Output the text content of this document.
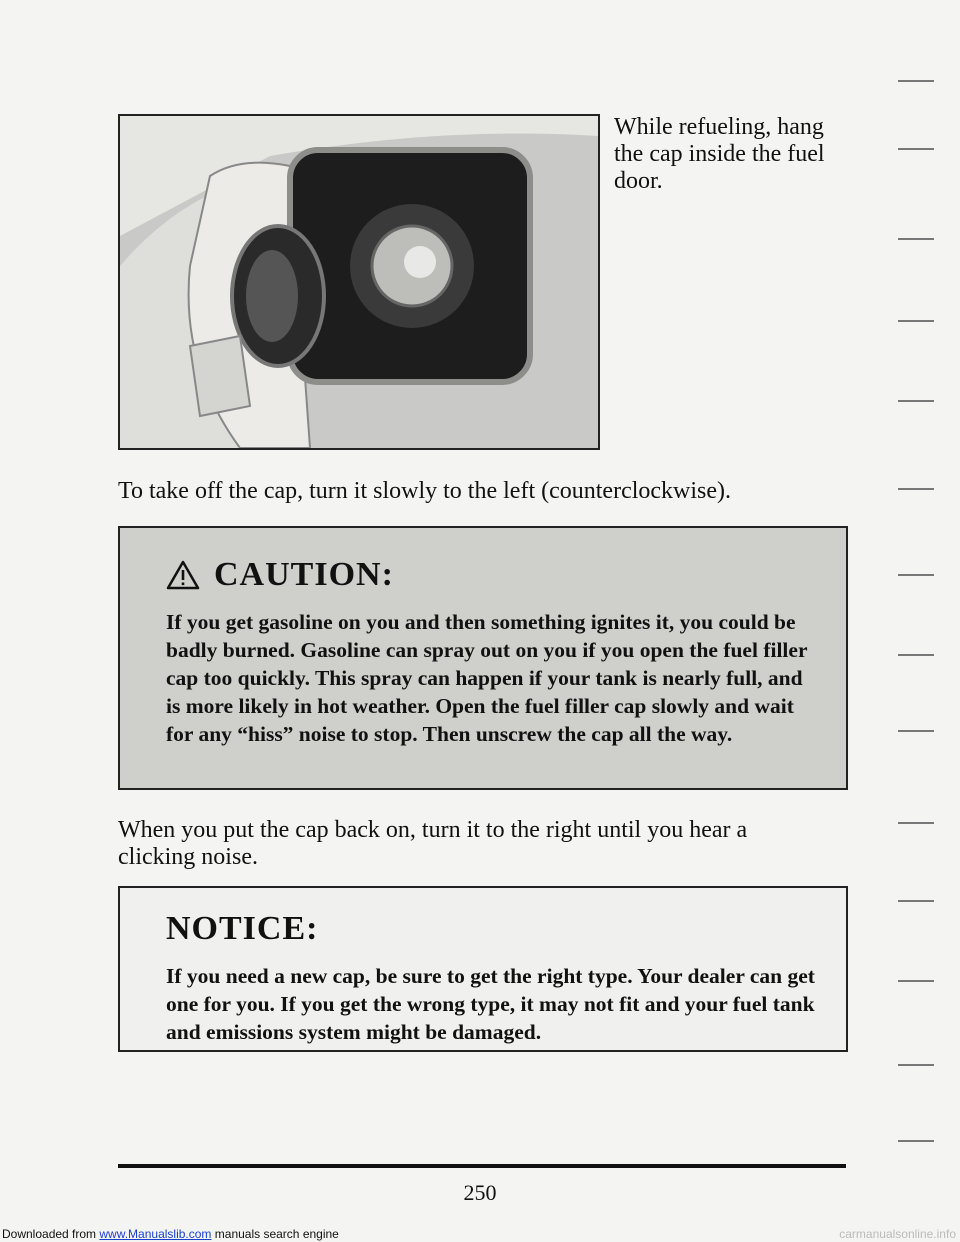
While refueling, hang the cap inside the fuel door.
To take off the cap, turn it slowly to the left (counterclockwise).
CAUTION:
If you get gasoline on you and then something ignites it, you could be badly burned. Gasoline can spray out on you if you open the fuel filler cap too quickly. This spray can happen if your tank is nearly full, and is more likely in hot weather. Open the fuel filler cap slowly and wait for any “hiss” noise to stop. Then unscrew the cap all the way.
When you put the cap back on, turn it to the right until you hear a clicking noise.
NOTICE:
If you need a new cap, be sure to get the right type. Your dealer can get one for you. If you get the wrong type, it may not fit and your fuel tank and emissions system might be damaged.
250
Downloaded from www.Manualslib.com manuals search engine	carmanualsonline.info
